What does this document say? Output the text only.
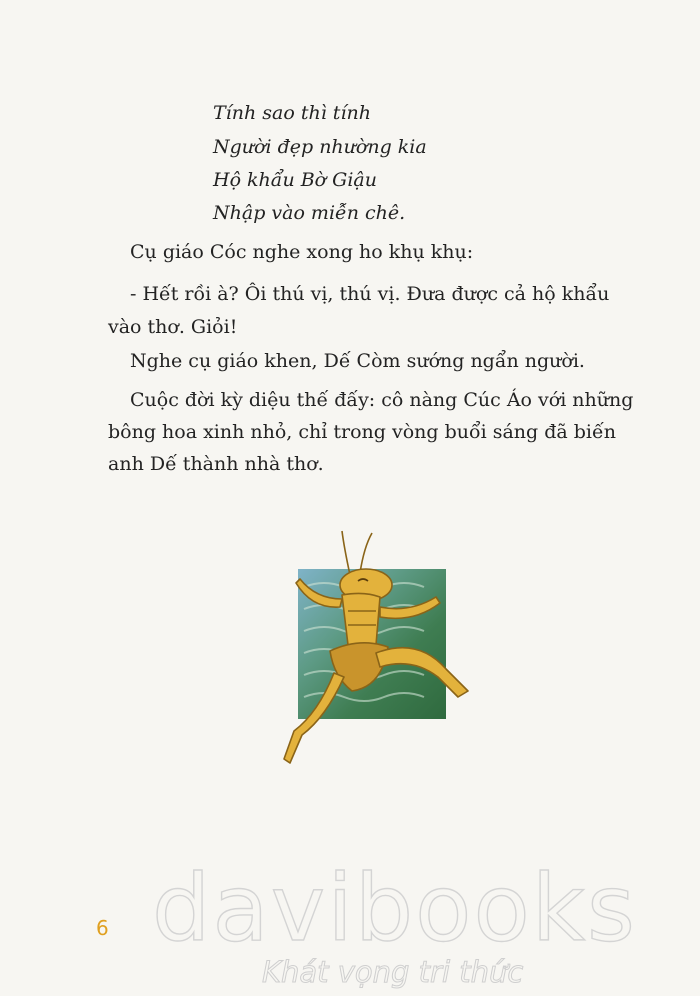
Tính sao thì tính
Người đẹp nhường kia
Hộ khẩu Bờ Giậu
Nhập vào miễn chê.
Cụ giáo Cóc nghe xong ho khụ khụ:
- Hết rồi à? Ôi thú vị, thú vị. Đưa được cả hộ khẩu
vào thơ. Giỏi!
Nghe cụ giáo khen, Dế Còm sướng ngẩn người.
Cuộc đời kỳ diệu thế đấy: cô nàng Cúc Áo với những
bông hoa xinh nhỏ, chỉ trong vòng buổi sáng đã biến
anh Dế thành nhà thơ.
6 davibooks
Khát vọng tri thức
